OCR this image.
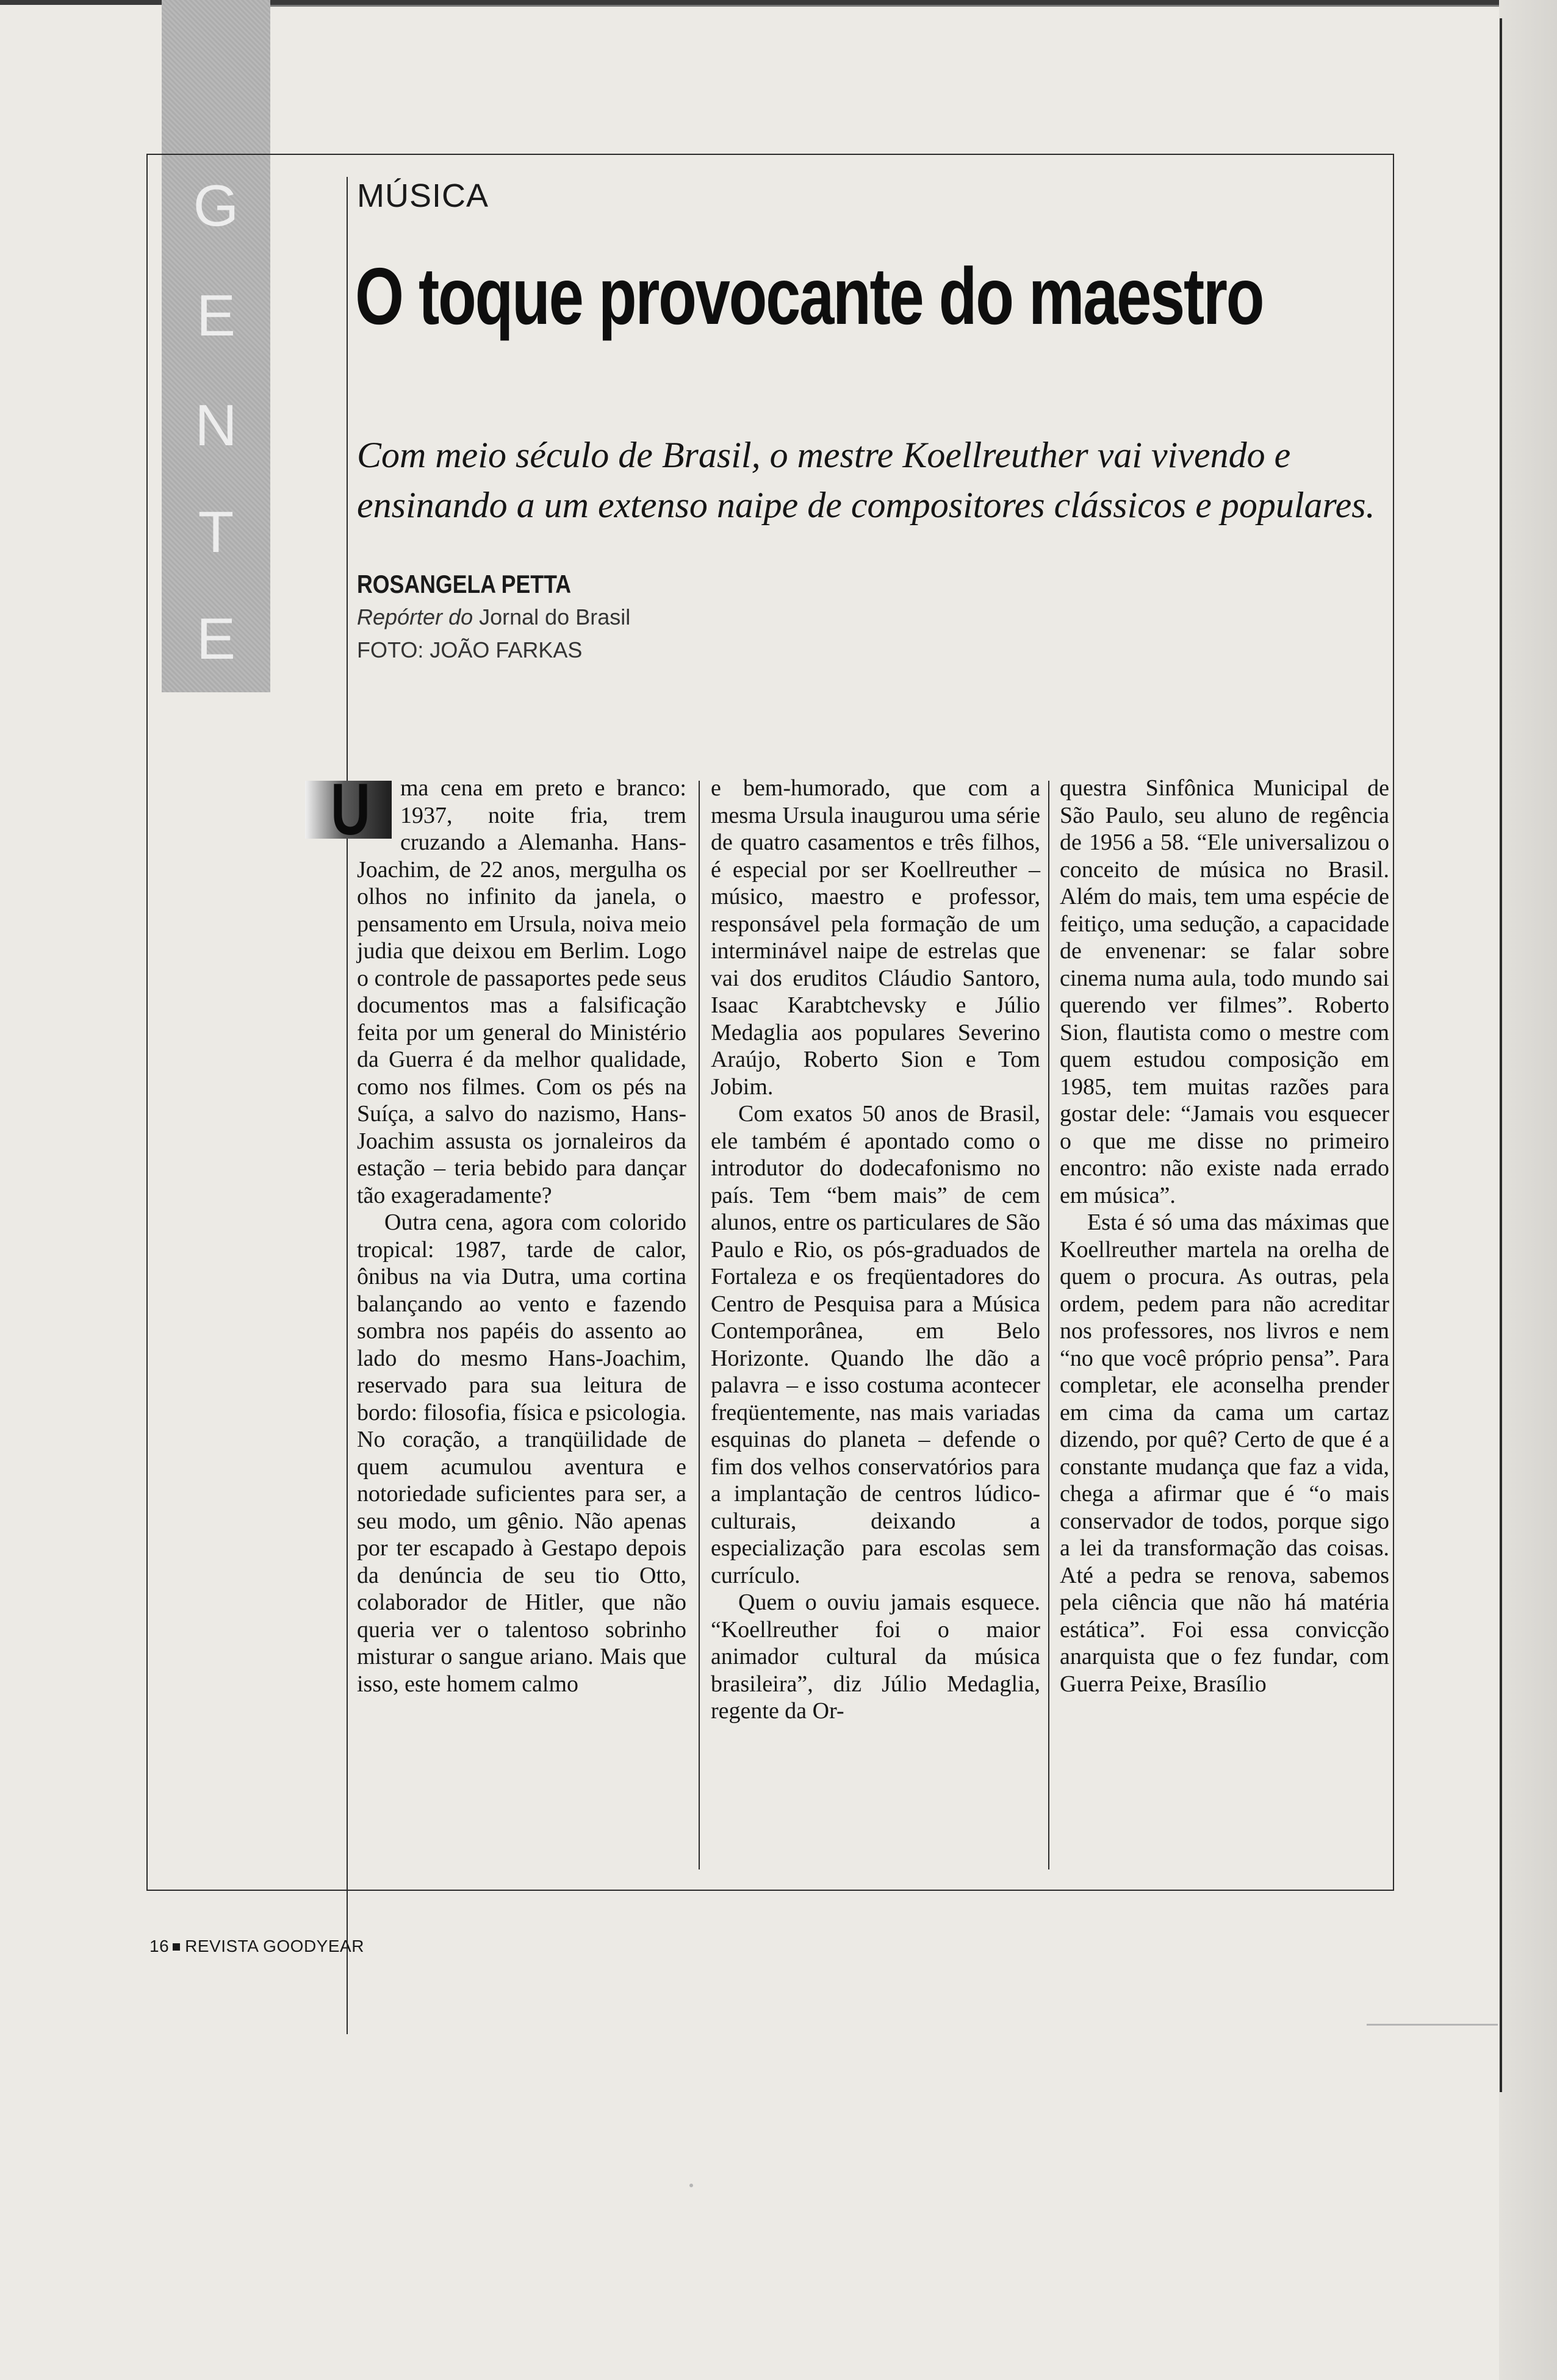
G
E
N
T
E
MÚSICA
O toque provocante do maestro

Com meio século de Brasil, o mestre Koellreuther vai vivendo e ensinando a um extenso naipe de compositores clássicos e populares.

ROSANGELA PETTA
Repórter do Jornal do Brasil
FOTO: JOÃO FARKAS

U ma cena em preto e branco: 1937, noite fria, trem cruzando a Alemanha. Hans-Joachim, de 22 anos, mergulha os olhos no infinito da janela, o pensamento em Ursula, noiva meio judia que deixou em Berlim. Logo o controle de passaportes pede seus documentos mas a falsificação feita por um general do Ministério da Guerra é da melhor qualidade, como nos filmes. Com os pés na Suíça, a salvo do nazismo, Hans-Joachim assusta os jornaleiros da estação – teria bebido para dançar tão exageradamente?

Outra cena, agora com colorido tropical: 1987, tarde de calor, ônibus na via Dutra, uma cortina balançando ao vento e fazendo sombra nos papéis do assento ao lado do mesmo Hans-Joachim, reservado para sua leitura de bordo: filosofia, física e psicologia. No coração, a tranqüilidade de quem acumulou aventura e notoriedade suficientes para ser, a seu modo, um gênio. Não apenas por ter escapado à Gestapo depois da denúncia de seu tio Otto, colaborador de Hitler, que não queria ver o talentoso sobrinho misturar o sangue ariano. Mais que isso, este homem calmo

e bem-humorado, que com a mesma Ursula inaugurou uma série de quatro casamentos e três filhos, é especial por ser Koellreuther – músico, maestro e professor, responsável pela formação de um interminável naipe de estrelas que vai dos eruditos Cláudio Santoro, Isaac Karabtchevsky e Júlio Medaglia aos populares Severino Araújo, Roberto Sion e Tom Jobim.

Com exatos 50 anos de Brasil, ele também é apontado como o introdutor do dodecafonismo no país. Tem “bem mais” de cem alunos, entre os particulares de São Paulo e Rio, os pós-graduados de Fortaleza e os freqüentadores do Centro de Pesquisa para a Música Contemporânea, em Belo Horizonte. Quando lhe dão a palavra – e isso costuma acontecer freqüentemente, nas mais variadas esquinas do planeta – defende o fim dos velhos conservatórios para a implantação de centros lúdico-culturais, deixando a especialização para escolas sem currículo.

Quem o ouviu jamais esquece. “Koellreuther foi o maior animador cultural da música brasileira”, diz Júlio Medaglia, regente da Or-

questra Sinfônica Municipal de São Paulo, seu aluno de regência de 1956 a 58. “Ele universalizou o conceito de música no Brasil. Além do mais, tem uma espécie de feitiço, uma sedução, a capacidade de envenenar: se falar sobre cinema numa aula, todo mundo sai querendo ver filmes”. Roberto Sion, flautista como o mestre com quem estudou composição em 1985, tem muitas razões para gostar dele: “Jamais vou esquecer o que me disse no primeiro encontro: não existe nada errado em música”.

Esta é só uma das máximas que Koellreuther martela na orelha de quem o procura. As outras, pela ordem, pedem para não acreditar nos professores, nos livros e nem “no que você próprio pensa”. Para completar, ele aconselha prender em cima da cama um cartaz dizendo, por quê? Certo de que é a constante mudança que faz a vida, chega a afirmar que é “o mais conservador de todos, porque sigo a lei da transformação das coisas. Até a pedra se renova, sabemos pela ciência que não há matéria estática”. Foi essa convicção anarquista que o fez fundar, com Guerra Peixe, Brasílio

16 REVISTA GOODYEAR
